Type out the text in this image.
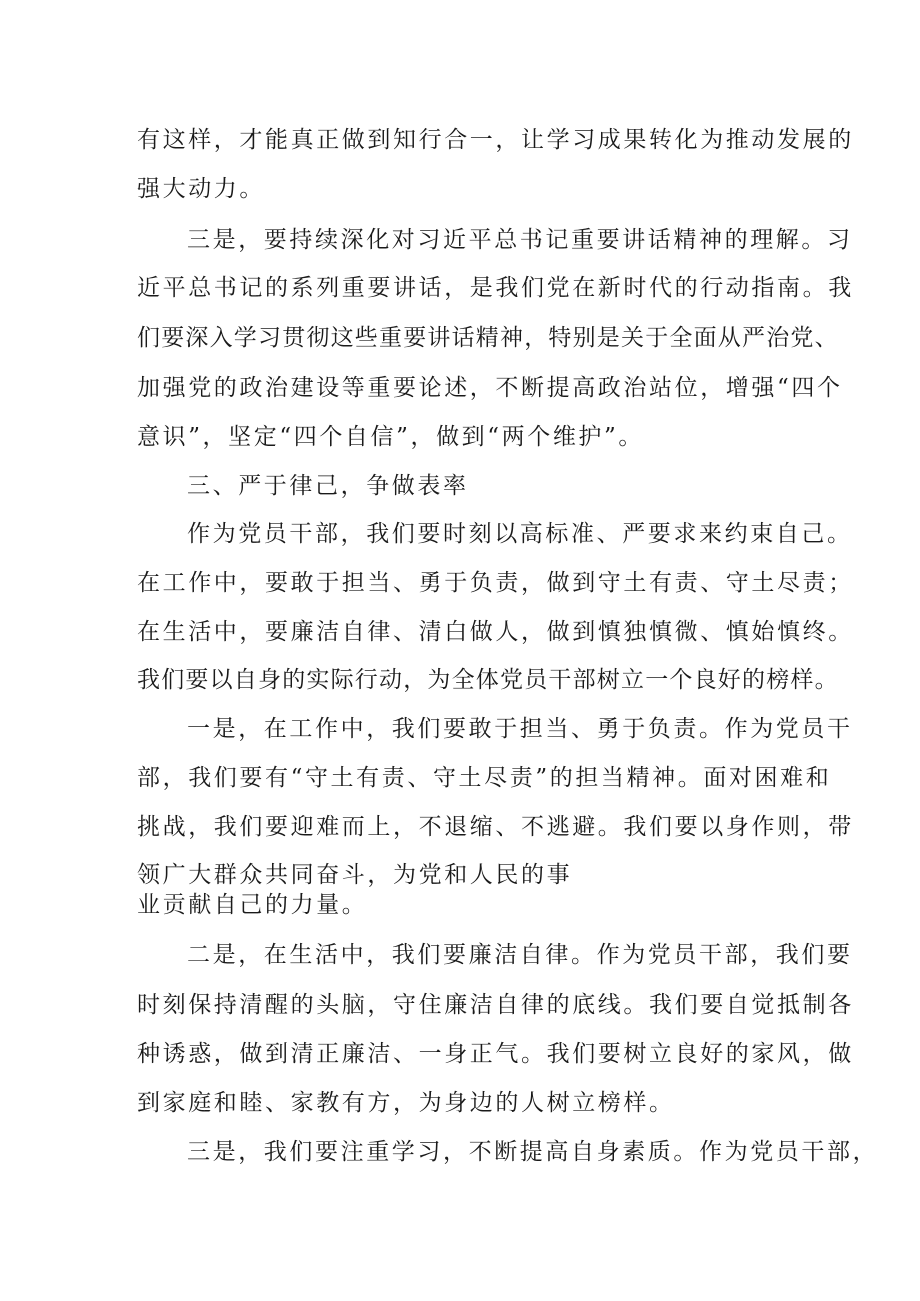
有这样，才能真正做到知行合一，让学习成果转化为推动发展的
强大动力。
三是，要持续深化对习近平总书记重要讲话精神的理解。习
近平总书记的系列重要讲话，是我们党在新时代的行动指南。我
们要深入学习贯彻这些重要讲话精神，特别是关于全面从严治党、
加强党的政治建设等重要论述，不断提高政治站位，增强“四个
意识”，坚定“四个自信”，做到“两个维护”。
三、严于律己，争做表率
作为党员干部，我们要时刻以高标准、严要求来约束自己。
在工作中，要敢于担当、勇于负责，做到守土有责、守土尽责；
在生活中，要廉洁自律、清白做人，做到慎独慎微、慎始慎终。
我们要以自身的实际行动，为全体党员干部树立一个良好的榜样。
一是，在工作中，我们要敢于担当、勇于负责。作为党员干
部，我们要有“守土有责、守土尽责”的担当精神。面对困难和
挑战，我们要迎难而上，不退缩、不逃避。我们要以身作则，带
领广大群众共同奋斗，为党和人民的事
业贡献自己的力量。
二是，在生活中，我们要廉洁自律。作为党员干部，我们要
时刻保持清醒的头脑，守住廉洁自律的底线。我们要自觉抵制各
种诱惑，做到清正廉洁、一身正气。我们要树立良好的家风，做
到家庭和睦、家教有方，为身边的人树立榜样。
三是，我们要注重学习，不断提高自身素质。作为党员干部，
